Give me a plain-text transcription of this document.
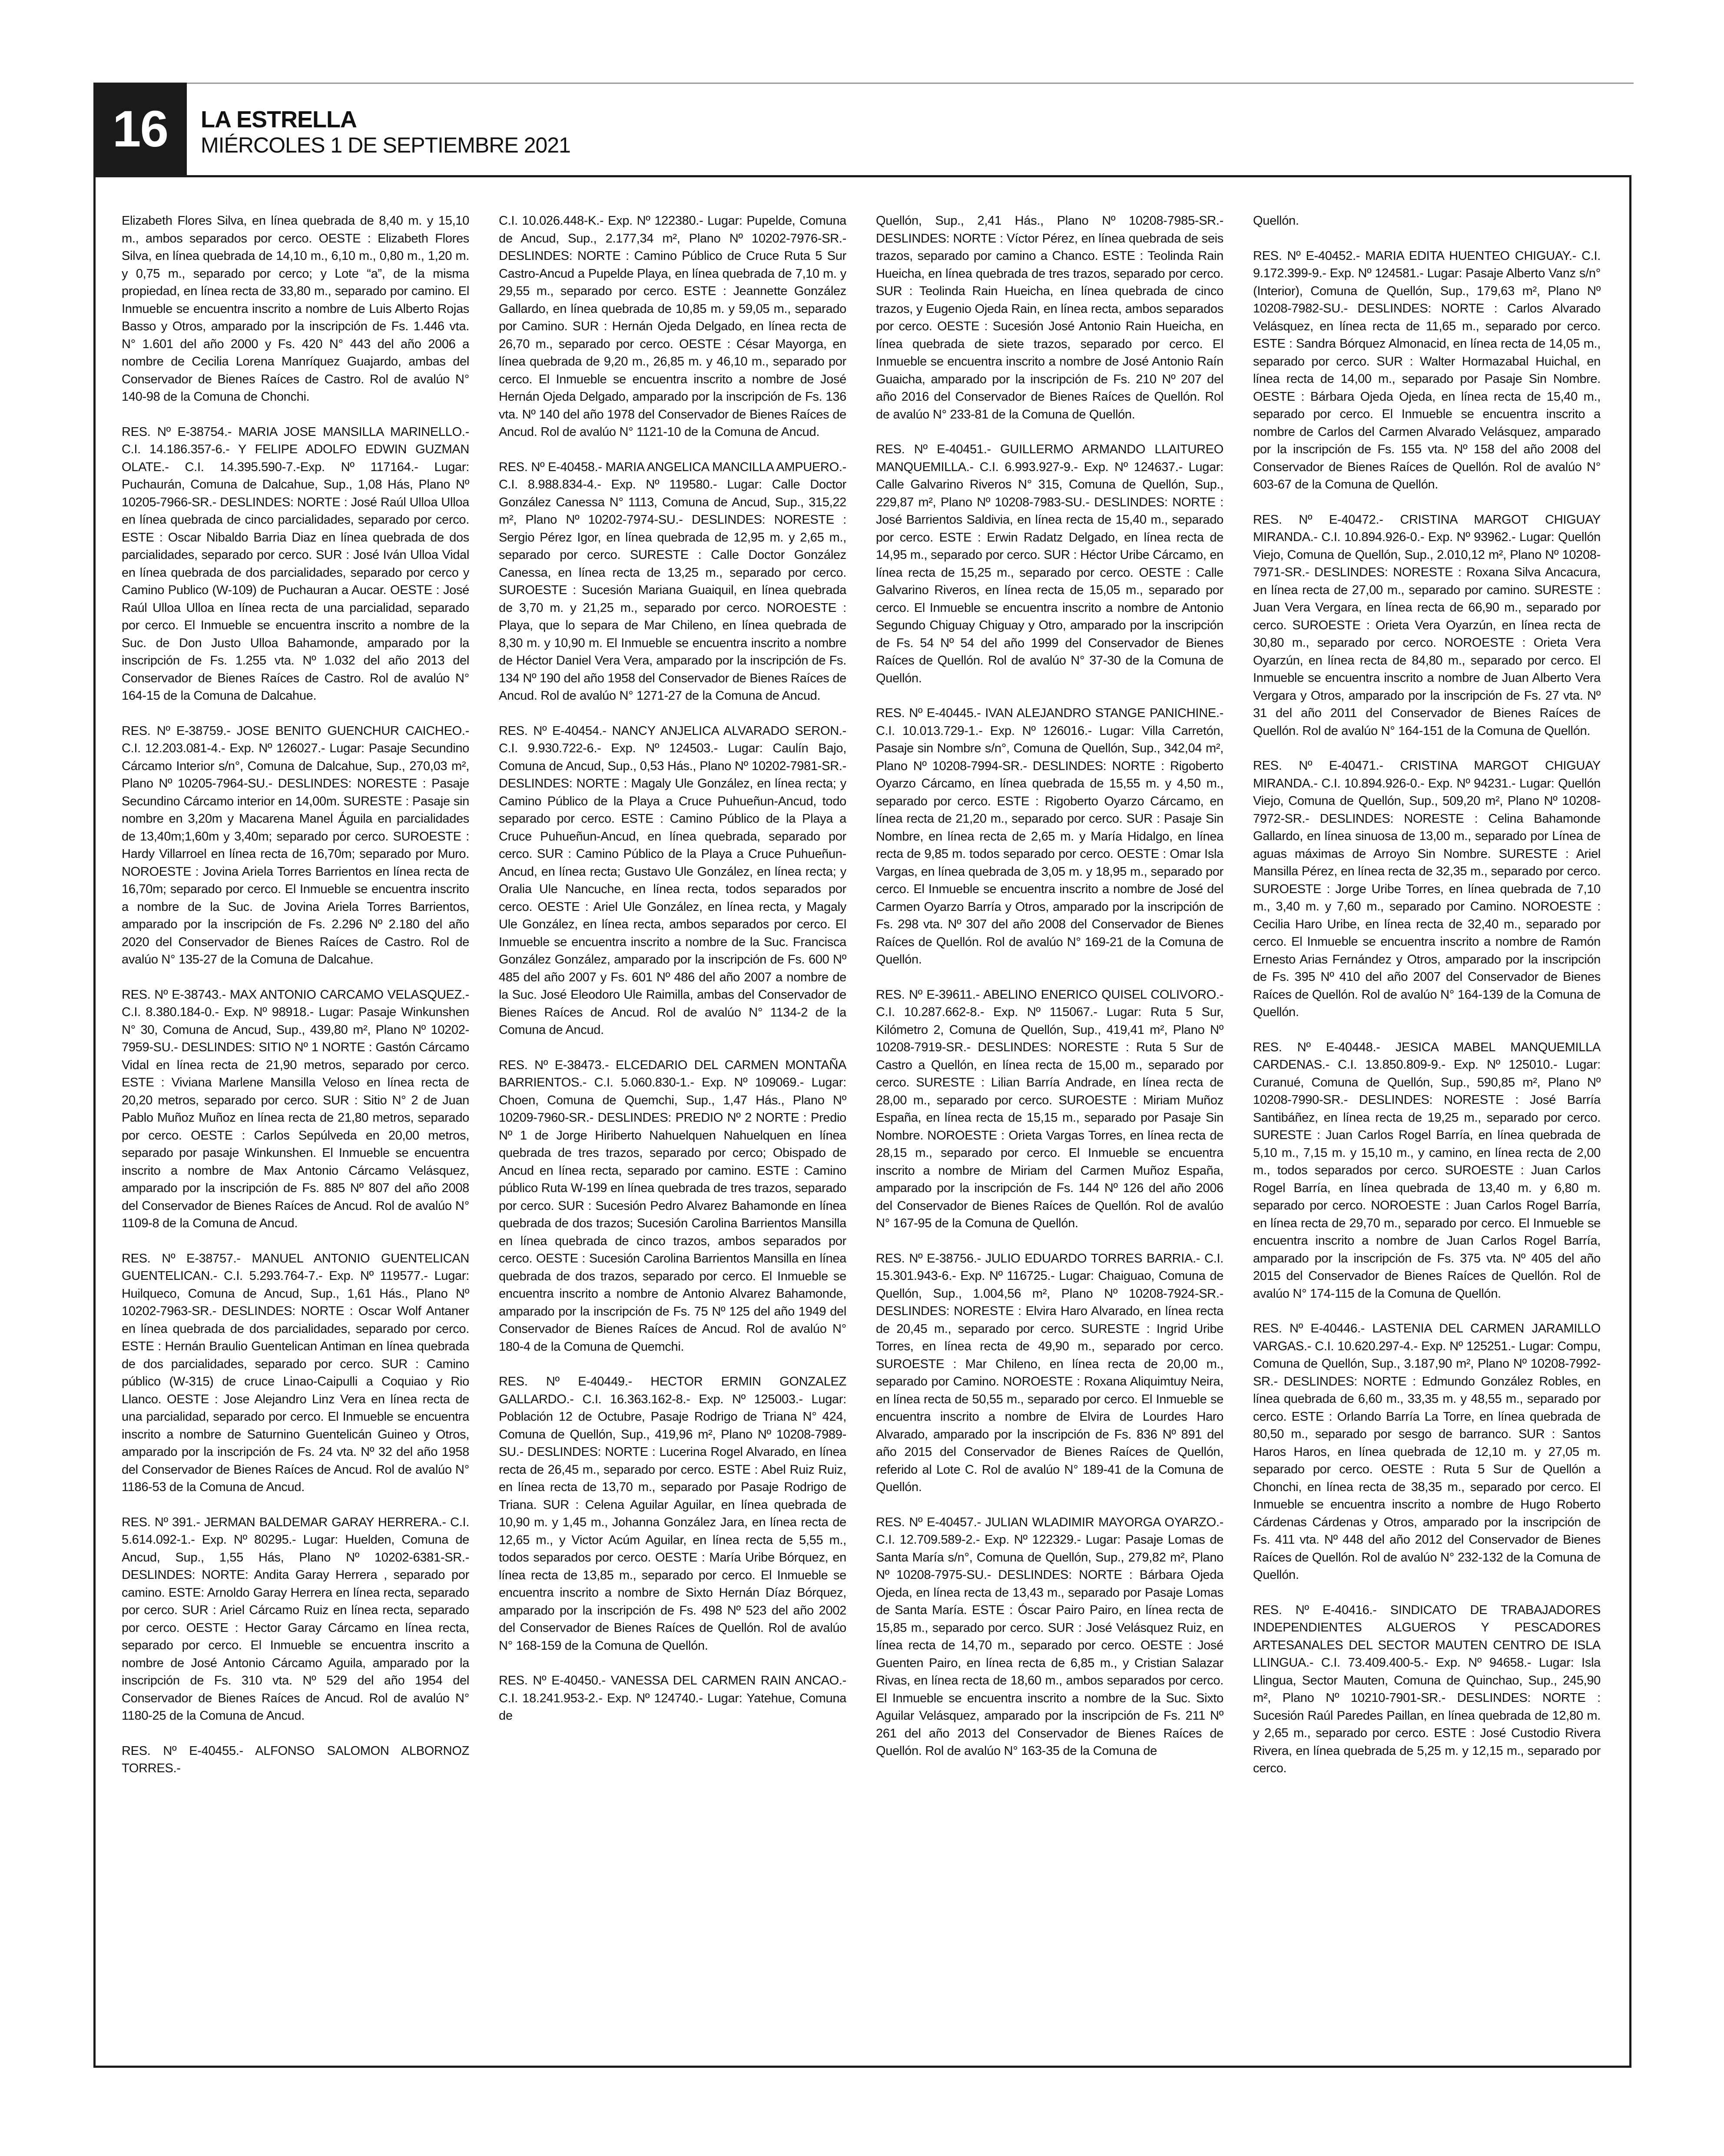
16	LA ESTRELLA
MIÉRCOLES 1 DE SEPTIEMBRE 2021

Elizabeth Flores Silva, en línea quebrada de 8,40 m. y 15,10 m., ambos separados por cerco. OESTE : Elizabeth Flores Silva, en línea quebrada de 14,10 m., 6,10 m., 0,80 m., 1,20 m. y 0,75 m., separado por cerco; y Lote “a”, de la misma propiedad, en línea recta de 33,80 m., separado por camino. El Inmueble se encuentra inscrito a nombre de Luis Alberto Rojas Basso y Otros, amparado por la inscripción de Fs. 1.446 vta. N° 1.601 del año 2000 y Fs. 420 N° 443 del año 2006 a nombre de Cecilia Lorena Manríquez Guajardo, ambas del Conservador de Bienes Raíces de Castro. Rol de avalúo N° 140-98 de la Comuna de Chonchi.

RES. Nº E-38754.- MARIA JOSE MANSILLA MARINELLO.- C.I. 14.186.357-6.- Y FELIPE ADOLFO EDWIN GUZMAN OLATE.- C.I. 14.395.590-7.-Exp. Nº 117164.- Lugar: Puchaurán, Comuna de Dalcahue, Sup., 1,08 Hás, Plano Nº 10205-7966-SR.- DESLINDES: NORTE : José Raúl Ulloa Ulloa en línea quebrada de cinco parcialidades, separado por cerco. ESTE : Oscar Nibaldo Barria Diaz en línea quebrada de dos parcialidades, separado por cerco. SUR : José Iván Ulloa Vidal en línea quebrada de dos parcialidades, separado por cerco y Camino Publico (W-109) de Puchauran a Aucar. OESTE : José Raúl Ulloa Ulloa en línea recta de una parcialidad, separado por cerco. El Inmueble se encuentra inscrito a nombre de la Suc. de Don Justo Ulloa Bahamonde, amparado por la inscripción de Fs. 1.255 vta. Nº 1.032 del año 2013 del Conservador de Bienes Raíces de Castro. Rol de avalúo N° 164-15 de la Comuna de Dalcahue.

RES. Nº E-38759.- JOSE BENITO GUENCHUR CAICHEO.- C.I. 12.203.081-4.- Exp. Nº 126027.- Lugar: Pasaje Secundino Cárcamo Interior s/n°, Comuna de Dalcahue, Sup., 270,03 m², Plano Nº 10205-7964-SU.- DESLINDES: NORESTE : Pasaje Secundino Cárcamo interior en 14,00m. SURESTE : Pasaje sin nombre en 3,20m y Macarena Manel Águila en parcialidades de 13,40m;1,60m y 3,40m; separado por cerco. SUROESTE : Hardy Villarroel en línea recta de 16,70m; separado por Muro. NOROESTE : Jovina Ariela Torres Barrientos en línea recta de 16,70m; separado por cerco. El Inmueble se encuentra inscrito a nombre de la Suc. de Jovina Ariela Torres Barrientos, amparado por la inscripción de Fs. 2.296 Nº 2.180 del año 2020 del Conservador de Bienes Raíces de Castro. Rol de avalúo N° 135-27 de la Comuna de Dalcahue.

RES. Nº E-38743.- MAX ANTONIO CARCAMO VELASQUEZ.- C.I. 8.380.184-0.- Exp. Nº 98918.- Lugar: Pasaje Winkunshen N° 30, Comuna de Ancud, Sup., 439,80 m², Plano Nº 10202-7959-SU.- DESLINDES: SITIO Nº 1 NORTE : Gastón Cárcamo Vidal en línea recta de 21,90 metros, separado por cerco. ESTE : Viviana Marlene Mansilla Veloso en línea recta de 20,20 metros, separado por cerco. SUR : Sitio N° 2 de Juan Pablo Muñoz Muñoz en línea recta de 21,80 metros, separado por cerco. OESTE : Carlos Sepúlveda en 20,00 metros, separado por pasaje Winkunshen. El Inmueble se encuentra inscrito a nombre de Max Antonio Cárcamo Velásquez, amparado por la inscripción de Fs. 885 Nº 807 del año 2008 del Conservador de Bienes Raíces de Ancud. Rol de avalúo N° 1109-8 de la Comuna de Ancud.

RES. Nº E-38757.- MANUEL ANTONIO GUENTELICAN GUENTELICAN.- C.I. 5.293.764-7.- Exp. Nº 119577.- Lugar: Huilqueco, Comuna de Ancud, Sup., 1,61 Hás., Plano Nº 10202-7963-SR.- DESLINDES: NORTE : Oscar Wolf Antaner en línea quebrada de dos parcialidades, separado por cerco. ESTE : Hernán Braulio Guentelican Antiman en línea quebrada de dos parcialidades, separado por cerco. SUR : Camino público (W-315) de cruce Linao-Caipulli a Coquiao y Rio Llanco. OESTE : Jose Alejandro Linz Vera en línea recta de una parcialidad, separado por cerco. El Inmueble se encuentra inscrito a nombre de Saturnino Guentelicán Guineo y Otros, amparado por la inscripción de Fs. 24 vta. Nº 32 del año 1958 del Conservador de Bienes Raíces de Ancud. Rol de avalúo N° 1186-53 de la Comuna de Ancud.

RES. Nº 391.- JERMAN BALDEMAR GARAY HERRERA.- C.I. 5.614.092-1.- Exp. Nº 80295.- Lugar: Huelden, Comuna de Ancud, Sup., 1,55 Hás, Plano Nº 10202-6381-SR.- DESLINDES: NORTE: Andita Garay Herrera , separado por camino. ESTE: Arnoldo Garay Herrera en línea recta, separado por cerco. SUR : Ariel Cárcamo Ruiz en línea recta, separado por cerco. OESTE : Hector Garay Cárcamo en línea recta, separado por cerco. El Inmueble se encuentra inscrito a nombre de José Antonio Cárcamo Aguila, amparado por la inscripción de Fs. 310 vta. Nº 529 del año 1954 del Conservador de Bienes Raíces de Ancud. Rol de avalúo N° 1180-25 de la Comuna de Ancud.

RES. Nº E-40455.- ALFONSO SALOMON ALBORNOZ TORRES.-

C.I. 10.026.448-K.- Exp. Nº 122380.- Lugar: Pupelde, Comuna de Ancud, Sup., 2.177,34 m², Plano Nº 10202-7976-SR.- DESLINDES: NORTE : Camino Público de Cruce Ruta 5 Sur Castro-Ancud a Pupelde Playa, en línea quebrada de 7,10 m. y 29,55 m., separado por cerco. ESTE : Jeannette González Gallardo, en línea quebrada de 10,85 m. y 59,05 m., separado por Camino. SUR : Hernán Ojeda Delgado, en línea recta de 26,70 m., separado por cerco. OESTE : César Mayorga, en línea quebrada de 9,20 m., 26,85 m. y 46,10 m., separado por cerco. El Inmueble se encuentra inscrito a nombre de José Hernán Ojeda Delgado, amparado por la inscripción de Fs. 136 vta. Nº 140 del año 1978 del Conservador de Bienes Raíces de Ancud. Rol de avalúo N° 1121-10 de la Comuna de Ancud.

RES. Nº E-40458.- MARIA ANGELICA MANCILLA AMPUERO.- C.I. 8.988.834-4.- Exp. Nº 119580.- Lugar: Calle Doctor González Canessa N° 1113, Comuna de Ancud, Sup., 315,22 m², Plano Nº 10202-7974-SU.- DESLINDES: NORESTE : Sergio Pérez Igor, en línea quebrada de 12,95 m. y 2,65 m., separado por cerco. SURESTE : Calle Doctor González Canessa, en línea recta de 13,25 m., separado por cerco. SUROESTE : Sucesión Mariana Guaiquil, en línea quebrada de 3,70 m. y 21,25 m., separado por cerco. NOROESTE : Playa, que lo separa de Mar Chileno, en línea quebrada de 8,30 m. y 10,90 m. El Inmueble se encuentra inscrito a nombre de Héctor Daniel Vera Vera, amparado por la inscripción de Fs. 134 Nº 190 del año 1958 del Conservador de Bienes Raíces de Ancud. Rol de avalúo N° 1271-27 de la Comuna de Ancud.

RES. Nº E-40454.- NANCY ANJELICA ALVARADO SERON.- C.I. 9.930.722-6.- Exp. Nº 124503.- Lugar: Caulín Bajo, Comuna de Ancud, Sup., 0,53 Hás., Plano Nº 10202-7981-SR.- DESLINDES: NORTE : Magaly Ule González, en línea recta; y Camino Público de la Playa a Cruce Puhueñun-Ancud, todo separado por cerco. ESTE : Camino Público de la Playa a Cruce Puhueñun-Ancud, en línea quebrada, separado por cerco. SUR : Camino Público de la Playa a Cruce Puhueñun-Ancud, en línea recta; Gustavo Ule González, en línea recta; y Oralia Ule Nancuche, en línea recta, todos separados por cerco. OESTE : Ariel Ule González, en línea recta, y Magaly Ule González, en línea recta, ambos separados por cerco. El Inmueble se encuentra inscrito a nombre de la Suc. Francisca González González, amparado por la inscripción de Fs. 600 Nº 485 del año 2007 y Fs. 601 Nº 486 del año 2007 a nombre de la Suc. José Eleodoro Ule Raimilla, ambas del Conservador de Bienes Raíces de Ancud. Rol de avalúo N° 1134-2 de la Comuna de Ancud.

RES. Nº E-38473.- ELCEDARIO DEL CARMEN MONTAÑA BARRIENTOS.- C.I. 5.060.830-1.- Exp. Nº 109069.- Lugar: Choen, Comuna de Quemchi, Sup., 1,47 Hás., Plano Nº 10209-7960-SR.- DESLINDES: PREDIO Nº 2 NORTE : Predio Nº 1 de Jorge Hiriberto Nahuelquen Nahuelquen en línea quebrada de tres trazos, separado por cerco; Obispado de Ancud en línea recta, separado por camino. ESTE : Camino público Ruta W-199 en línea quebrada de tres trazos, separado por cerco. SUR : Sucesión Pedro Alvarez Bahamonde en línea quebrada de dos trazos; Sucesión Carolina Barrientos Mansilla en línea quebrada de cinco trazos, ambos separados por cerco. OESTE : Sucesión Carolina Barrientos Mansilla en línea quebrada de dos trazos, separado por cerco. El Inmueble se encuentra inscrito a nombre de Antonio Alvarez Bahamonde, amparado por la inscripción de Fs. 75 Nº 125 del año 1949 del Conservador de Bienes Raíces de Ancud. Rol de avalúo N° 180-4 de la Comuna de Quemchi.

RES. Nº E-40449.- HECTOR ERMIN GONZALEZ GALLARDO.- C.I. 16.363.162-8.- Exp. Nº 125003.- Lugar: Población 12 de Octubre, Pasaje Rodrigo de Triana N° 424, Comuna de Quellón, Sup., 419,96 m², Plano Nº 10208-7989-SU.- DESLINDES: NORTE : Lucerina Rogel Alvarado, en línea recta de 26,45 m., separado por cerco. ESTE : Abel Ruiz Ruiz, en línea recta de 13,70 m., separado por Pasaje Rodrigo de Triana. SUR : Celena Aguilar Aguilar, en línea quebrada de 10,90 m. y 1,45 m., Johanna González Jara, en línea recta de 12,65 m., y Victor Acúm Aguilar, en línea recta de 5,55 m., todos separados por cerco. OESTE : María Uribe Bórquez, en línea recta de 13,85 m., separado por cerco. El Inmueble se encuentra inscrito a nombre de Sixto Hernán Díaz Bórquez, amparado por la inscripción de Fs. 498 Nº 523 del año 2002 del Conservador de Bienes Raíces de Quellón. Rol de avalúo N° 168-159 de la Comuna de Quellón.

RES. Nº E-40450.- VANESSA DEL CARMEN RAIN ANCAO.- C.I. 18.241.953-2.- Exp. Nº 124740.- Lugar: Yatehue, Comuna de

Quellón, Sup., 2,41 Hás., Plano Nº 10208-7985-SR.- DESLINDES: NORTE : Víctor Pérez, en línea quebrada de seis trazos, separado por camino a Chanco. ESTE : Teolinda Rain Hueicha, en línea quebrada de tres trazos, separado por cerco. SUR : Teolinda Rain Hueicha, en línea quebrada de cinco trazos, y Eugenio Ojeda Rain, en línea recta, ambos separados por cerco. OESTE : Sucesión José Antonio Rain Hueicha, en línea quebrada de siete trazos, separado por cerco. El Inmueble se encuentra inscrito a nombre de José Antonio Raín Guaicha, amparado por la inscripción de Fs. 210 Nº 207 del año 2016 del Conservador de Bienes Raíces de Quellón. Rol de avalúo N° 233-81 de la Comuna de Quellón.

RES. Nº E-40451.- GUILLERMO ARMANDO LLAITUREO MANQUEMILLA.- C.I. 6.993.927-9.- Exp. Nº 124637.- Lugar: Calle Galvarino Riveros N° 315, Comuna de Quellón, Sup., 229,87 m², Plano Nº 10208-7983-SU.- DESLINDES: NORTE : José Barrientos Saldivia, en línea recta de 15,40 m., separado por cerco. ESTE : Erwin Radatz Delgado, en línea recta de 14,95 m., separado por cerco. SUR : Héctor Uribe Cárcamo, en línea recta de 15,25 m., separado por cerco. OESTE : Calle Galvarino Riveros, en línea recta de 15,05 m., separado por cerco. El Inmueble se encuentra inscrito a nombre de Antonio Segundo Chiguay Chiguay y Otro, amparado por la inscripción de Fs. 54 Nº 54 del año 1999 del Conservador de Bienes Raíces de Quellón. Rol de avalúo N° 37-30 de la Comuna de Quellón.

RES. Nº E-40445.- IVAN ALEJANDRO STANGE PANICHINE.- C.I. 10.013.729-1.- Exp. Nº 126016.- Lugar: Villa Carretón, Pasaje sin Nombre s/n°, Comuna de Quellón, Sup., 342,04 m², Plano Nº 10208-7994-SR.- DESLINDES: NORTE : Rigoberto Oyarzo Cárcamo, en línea quebrada de 15,55 m. y 4,50 m., separado por cerco. ESTE : Rigoberto Oyarzo Cárcamo, en línea recta de 21,20 m., separado por cerco. SUR : Pasaje Sin Nombre, en línea recta de 2,65 m. y María Hidalgo, en línea recta de 9,85 m. todos separado por cerco. OESTE : Omar Isla Vargas, en línea quebrada de 3,05 m. y 18,95 m., separado por cerco. El Inmueble se encuentra inscrito a nombre de José del Carmen Oyarzo Barría y Otros, amparado por la inscripción de Fs. 298 vta. Nº 307 del año 2008 del Conservador de Bienes Raíces de Quellón. Rol de avalúo N° 169-21 de la Comuna de Quellón.

RES. Nº E-39611.- ABELINO ENERICO QUISEL COLIVORO.- C.I. 10.287.662-8.- Exp. Nº 115067.- Lugar: Ruta 5 Sur, Kilómetro 2, Comuna de Quellón, Sup., 419,41 m², Plano Nº 10208-7919-SR.- DESLINDES: NORESTE : Ruta 5 Sur de Castro a Quellón, en línea recta de 15,00 m., separado por cerco. SURESTE : Lilian Barría Andrade, en línea recta de 28,00 m., separado por cerco. SUROESTE : Miriam Muñoz España, en línea recta de 15,15 m., separado por Pasaje Sin Nombre. NOROESTE : Orieta Vargas Torres, en línea recta de 28,15 m., separado por cerco. El Inmueble se encuentra inscrito a nombre de Miriam del Carmen Muñoz España, amparado por la inscripción de Fs. 144 Nº 126 del año 2006 del Conservador de Bienes Raíces de Quellón. Rol de avalúo N° 167-95 de la Comuna de Quellón.

RES. Nº E-38756.- JULIO EDUARDO TORRES BARRIA.- C.I. 15.301.943-6.- Exp. Nº 116725.- Lugar: Chaiguao, Comuna de Quellón, Sup., 1.004,56 m², Plano Nº 10208-7924-SR.- DESLINDES: NORESTE : Elvira Haro Alvarado, en línea recta de 20,45 m., separado por cerco. SURESTE : Ingrid Uribe Torres, en línea recta de 49,90 m., separado por cerco. SUROESTE : Mar Chileno, en línea recta de 20,00 m., separado por Camino. NOROESTE : Roxana Aliquimtuy Neira, en línea recta de 50,55 m., separado por cerco. El Inmueble se encuentra inscrito a nombre de Elvira de Lourdes Haro Alvarado, amparado por la inscripción de Fs. 836 Nº 891 del año 2015 del Conservador de Bienes Raíces de Quellón, referido al Lote C. Rol de avalúo N° 189-41 de la Comuna de Quellón.

RES. Nº E-40457.- JULIAN WLADIMIR MAYORGA OYARZO.- C.I. 12.709.589-2.- Exp. Nº 122329.- Lugar: Pasaje Lomas de Santa María s/n°, Comuna de Quellón, Sup., 279,82 m², Plano Nº 10208-7975-SU.- DESLINDES: NORTE : Bárbara Ojeda Ojeda, en línea recta de 13,43 m., separado por Pasaje Lomas de Santa María. ESTE : Óscar Pairo Pairo, en línea recta de 15,85 m., separado por cerco. SUR : José Velásquez Ruiz, en línea recta de 14,70 m., separado por cerco. OESTE : José Guenten Pairo, en línea recta de 6,85 m., y Cristian Salazar Rivas, en línea recta de 18,60 m., ambos separados por cerco. El Inmueble se encuentra inscrito a nombre de la Suc. Sixto Aguilar Velásquez, amparado por la inscripción de Fs. 211 Nº 261 del año 2013 del Conservador de Bienes Raíces de Quellón. Rol de avalúo N° 163-35 de la Comuna de

Quellón.

RES. Nº E-40452.- MARIA EDITA HUENTEO CHIGUAY.- C.I. 9.172.399-9.- Exp. Nº 124581.- Lugar: Pasaje Alberto Vanz s/n° (Interior), Comuna de Quellón, Sup., 179,63 m², Plano Nº 10208-7982-SU.- DESLINDES: NORTE : Carlos Alvarado Velásquez, en línea recta de 11,65 m., separado por cerco. ESTE : Sandra Bórquez Almonacid, en línea recta de 14,05 m., separado por cerco. SUR : Walter Hormazabal Huichal, en línea recta de 14,00 m., separado por Pasaje Sin Nombre. OESTE : Bárbara Ojeda Ojeda, en línea recta de 15,40 m., separado por cerco. El Inmueble se encuentra inscrito a nombre de Carlos del Carmen Alvarado Velásquez, amparado por la inscripción de Fs. 155 vta. Nº 158 del año 2008 del Conservador de Bienes Raíces de Quellón. Rol de avalúo N° 603-67 de la Comuna de Quellón.

RES. Nº E-40472.- CRISTINA MARGOT CHIGUAY MIRANDA.- C.I. 10.894.926-0.- Exp. Nº 93962.- Lugar: Quellón Viejo, Comuna de Quellón, Sup., 2.010,12 m², Plano Nº 10208-7971-SR.- DESLINDES: NORESTE : Roxana Silva Ancacura, en línea recta de 27,00 m., separado por camino. SURESTE : Juan Vera Vergara, en línea recta de 66,90 m., separado por cerco. SUROESTE : Orieta Vera Oyarzún, en línea recta de 30,80 m., separado por cerco. NOROESTE : Orieta Vera Oyarzún, en línea recta de 84,80 m., separado por cerco. El Inmueble se encuentra inscrito a nombre de Juan Alberto Vera Vergara y Otros, amparado por la inscripción de Fs. 27 vta. Nº 31 del año 2011 del Conservador de Bienes Raíces de Quellón. Rol de avalúo N° 164-151 de la Comuna de Quellón.

RES. Nº E-40471.- CRISTINA MARGOT CHIGUAY MIRANDA.- C.I. 10.894.926-0.- Exp. Nº 94231.- Lugar: Quellón Viejo, Comuna de Quellón, Sup., 509,20 m², Plano Nº 10208-7972-SR.- DESLINDES: NORESTE : Celina Bahamonde Gallardo, en línea sinuosa de 13,00 m., separado por Línea de aguas máximas de Arroyo Sin Nombre. SURESTE : Ariel Mansilla Pérez, en línea recta de 32,35 m., separado por cerco. SUROESTE : Jorge Uribe Torres, en línea quebrada de 7,10 m., 3,40 m. y 7,60 m., separado por Camino. NOROESTE : Cecilia Haro Uribe, en línea recta de 32,40 m., separado por cerco. El Inmueble se encuentra inscrito a nombre de Ramón Ernesto Arias Fernández y Otros, amparado por la inscripción de Fs. 395 Nº 410 del año 2007 del Conservador de Bienes Raíces de Quellón. Rol de avalúo N° 164-139 de la Comuna de Quellón.

RES. Nº E-40448.- JESICA MABEL MANQUEMILLA CARDENAS.- C.I. 13.850.809-9.- Exp. Nº 125010.- Lugar: Curanué, Comuna de Quellón, Sup., 590,85 m², Plano Nº 10208-7990-SR.- DESLINDES: NORESTE : José Barría Santibáñez, en línea recta de 19,25 m., separado por cerco. SURESTE : Juan Carlos Rogel Barría, en línea quebrada de 5,10 m., 7,15 m. y 15,10 m., y camino, en línea recta de 2,00 m., todos separados por cerco. SUROESTE : Juan Carlos Rogel Barría, en línea quebrada de 13,40 m. y 6,80 m. separado por cerco. NOROESTE : Juan Carlos Rogel Barría, en línea recta de 29,70 m., separado por cerco. El Inmueble se encuentra inscrito a nombre de Juan Carlos Rogel Barría, amparado por la inscripción de Fs. 375 vta. Nº 405 del año 2015 del Conservador de Bienes Raíces de Quellón. Rol de avalúo N° 174-115 de la Comuna de Quellón.

RES. Nº E-40446.- LASTENIA DEL CARMEN JARAMILLO VARGAS.- C.I. 10.620.297-4.- Exp. Nº 125251.- Lugar: Compu, Comuna de Quellón, Sup., 3.187,90 m², Plano Nº 10208-7992-SR.- DESLINDES: NORTE : Edmundo González Robles, en línea quebrada de 6,60 m., 33,35 m. y 48,55 m., separado por cerco. ESTE : Orlando Barría La Torre, en línea quebrada de 80,50 m., separado por sesgo de barranco. SUR : Santos Haros Haros, en línea quebrada de 12,10 m. y 27,05 m. separado por cerco. OESTE : Ruta 5 Sur de Quellón a Chonchi, en línea recta de 38,35 m., separado por cerco. El Inmueble se encuentra inscrito a nombre de Hugo Roberto Cárdenas Cárdenas y Otros, amparado por la inscripción de Fs. 411 vta. Nº 448 del año 2012 del Conservador de Bienes Raíces de Quellón. Rol de avalúo N° 232-132 de la Comuna de Quellón.

RES. Nº E-40416.- SINDICATO DE TRABAJADORES INDEPENDIENTES ALGUEROS Y PESCADORES ARTESANALES DEL SECTOR MAUTEN CENTRO DE ISLA LLINGUA.- C.I. 73.409.400-5.- Exp. Nº 94658.- Lugar: Isla Llingua, Sector Mauten, Comuna de Quinchao, Sup., 245,90 m², Plano Nº 10210-7901-SR.- DESLINDES: NORTE : Sucesión Raúl Paredes Paillan, en línea quebrada de 12,80 m. y 2,65 m., separado por cerco. ESTE : José Custodio Rivera Rivera, en línea quebrada de 5,25 m. y 12,15 m., separado por cerco.
